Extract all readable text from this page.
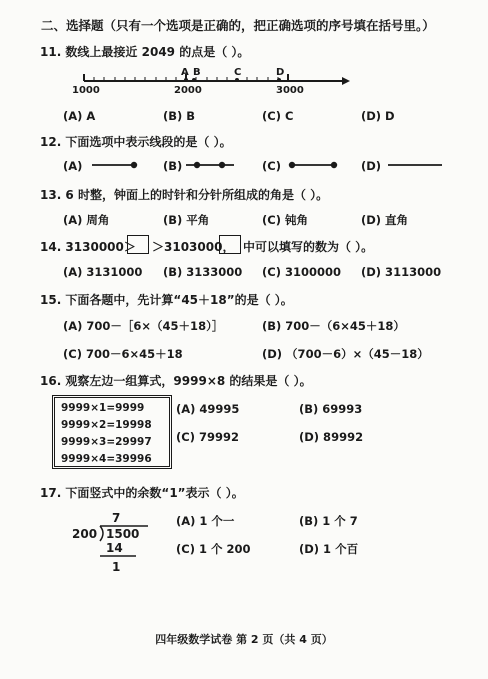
二、选择题（只有一个选项是正确的，把正确选项的序号填在括号里。）
11. 数线上最接近 2049 的点是（ ）。
A B	C	D
1000	2000	3000
(A) A	(B) B	(C) C	(D) D
12. 下面选项中表示线段的是（ ）。
(A)	(B)	(C)	(D)
13. 6 时整，钟面上的时针和分针所组成的角是（ ）。
(A) 周角	(B) 平角	(C) 钝角	(D) 直角
14. 3130000＞ ＞3103000， 中可以填写的数为（ ）。
(A) 3131000 (B) 3133000 (C) 3100000 (D) 3113000
15. 下面各题中，先计算“45＋18”的是（ ）。
(A) 700－［6×（45＋18）］	(B) 700－（6×45＋18）
(C) 700－6×45＋18	(D) （700－6）×（45－18）
16. 观察左边一组算式，9999×8 的结果是（ ）。
9999×1=9999
9999×2=19998
9999×3=29997
9999×4=39996
(A) 49995	(B) 69993
(C) 79992	(D) 89992
17. 下面竖式中的余数“1”表示（ ）。
7
200 1500
14
1
(A) 1 个一	(B) 1 个 7
(C) 1 个 200	(D) 1 个百
四年级数学试卷 第 2 页（共 4 页）
